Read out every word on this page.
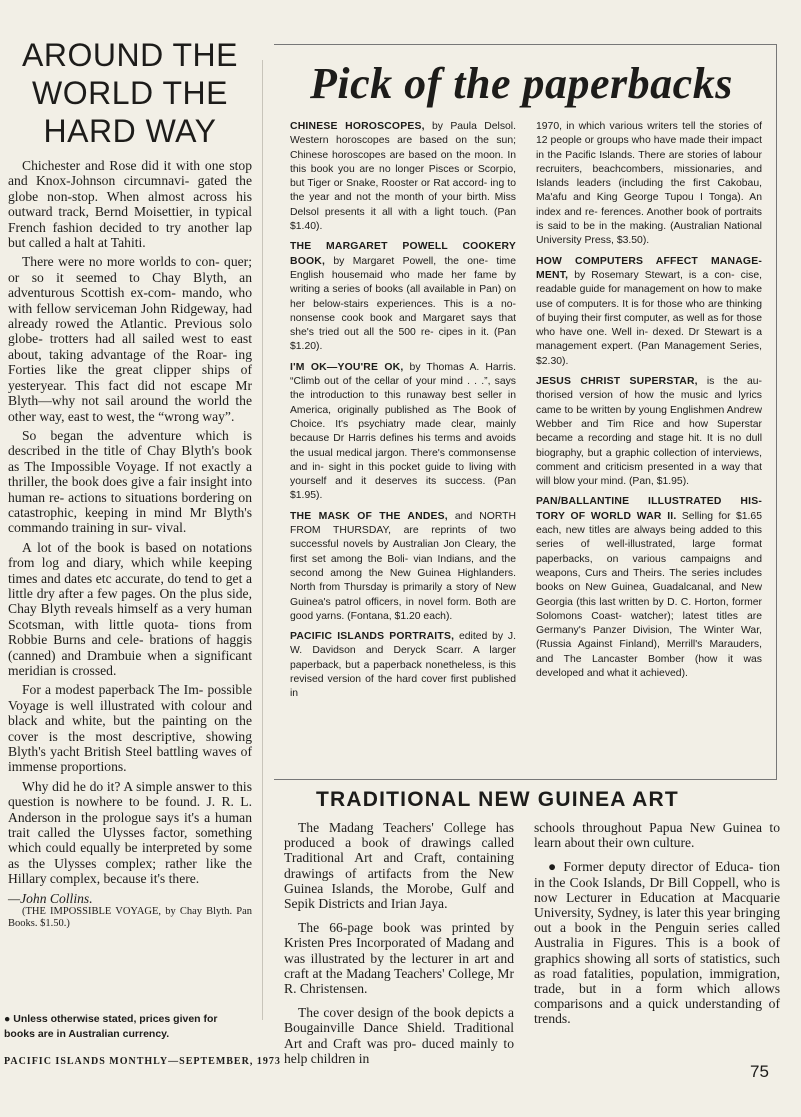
AROUND THE WORLD THE HARD WAY

Chichester and Rose did it with one stop and Knox-Johnson circumnavi- gated the globe non-stop. When almost across his outward track, Bernd Moisettier, in typical French fashion decided to try another lap but called a halt at Tahiti.

There were no more worlds to con- quer; or so it seemed to Chay Blyth, an adventurous Scottish ex-com- mando, who with fellow serviceman John Ridgeway, had already rowed the Atlantic. Previous solo globe- trotters had all sailed west to east about, taking advantage of the Roar- ing Forties like the great clipper ships of yesteryear. This fact did not escape Mr Blyth—why not sail around the world the other way, east to west, the “wrong way”.

So began the adventure which is described in the title of Chay Blyth's book as The Impossible Voyage. If not exactly a thriller, the book does give a fair insight into human re- actions to situations bordering on catastrophic, keeping in mind Mr Blyth's commando training in sur- vival.

A lot of the book is based on notations from log and diary, which while keeping times and dates etc accurate, do tend to get a little dry after a few pages. On the plus side, Chay Blyth reveals himself as a very human Scotsman, with little quota- tions from Robbie Burns and cele- brations of haggis (canned) and Drambuie when a significant meridian is crossed.

For a modest paperback The Im- possible Voyage is well illustrated with colour and black and white, but the painting on the cover is the most descriptive, showing Blyth's yacht British Steel battling waves of immense proportions.

Why did he do it? A simple answer to this question is nowhere to be found. J. R. L. Anderson in the prologue says it's a human trait called the Ulysses factor, something which could equally be interpreted by some as the Ulysses complex; rather like the Hillary complex, because it's there.

—John Collins.

(THE IMPOSSIBLE VOYAGE, by Chay Blyth. Pan Books. $1.50.)

● Unless otherwise stated, prices given for books are in Australian currency.
Pick of the paperbacks

CHINESE HOROSCOPES, by Paula Delsol. Western horoscopes are based on the sun; Chinese horoscopes are based on the moon. In this book you are no longer Pisces or Scorpio, but Tiger or Snake, Rooster or Rat accord- ing to the year and not the month of your birth. Miss Delsol presents it all with a light touch. (Pan $1.40).

THE MARGARET POWELL COOKERY BOOK, by Margaret Powell, the one- time English housemaid who made her fame by writing a series of books (all available in Pan) on her below-stairs experiences. This is a no- nonsense cook book and Margaret says that she's tried out all the 500 re- cipes in it. (Pan $1.20).

I'M OK—YOU'RE OK, by Thomas A. Harris. “Climb out of the cellar of your mind . . .”, says the introduction to this runaway best seller in America, originally published as The Book of Choice. It's psychiatry made clear, mainly because Dr Harris defines his terms and avoids the usual medical jargon. There's commonsense and in- sight in this pocket guide to living with yourself and it deserves its success. (Pan $1.95).

THE MASK OF THE ANDES, and NORTH FROM THURSDAY, are reprints of two successful novels by Australian Jon Cleary, the first set among the Boli- vian Indians, and the second among the New Guinea Highlanders. North from Thursday is primarily a story of New Guinea's patrol officers, in novel form. Both are good yarns. (Fontana, $1.20 each).

PACIFIC ISLANDS PORTRAITS, edited by J. W. Davidson and Deryck Scarr. A larger paperback, but a paperback nonetheless, is this revised version of the hard cover first published in

1970, in which various writers tell the stories of 12 people or groups who have made their impact in the Pacific Islands. There are stories of labour recruiters, beachcombers, missionaries, and Islands leaders (including the first Cakobau, Ma'afu and King George Tupou I Tonga). An index and re- ferences. Another book of portraits is said to be in the making. (Australian National University Press, $3.50).

HOW COMPUTERS AFFECT MANAGE- MENT, by Rosemary Stewart, is a con- cise, readable guide for management on how to make use of computers. It is for those who are thinking of buying their first computer, as well as for those who have one. Well in- dexed. Dr Stewart is a management expert. (Pan Management Series, $2.30).

JESUS CHRIST SUPERSTAR, is the au- thorised version of how the music and lyrics came to be written by young Englishmen Andrew Webber and Tim Rice and how Superstar became a recording and stage hit. It is no dull biography, but a graphic collection of interviews, comment and criticism presented in a way that will blow your mind. (Pan, $1.95).

PAN/BALLANTINE ILLUSTRATED HIS- TORY OF WORLD WAR II. Selling for $1.65 each, new titles are always being added to this series of well-illustrated, large format paperbacks, on various campaigns and weapons, Curs and Theirs. The series includes books on New Guinea, Guadalcanal, and New Georgia (this last written by D. C. Horton, former Solomons Coast- watcher); latest titles are Germany's Panzer Division, The Winter War, (Russia Against Finland), Merrill's Marauders, and The Lancaster Bomber (how it was developed and what it achieved).

TRADITIONAL NEW GUINEA ART

The Madang Teachers' College has produced a book of drawings called Traditional Art and Craft, containing drawings of artifacts from the New Guinea Islands, the Morobe, Gulf and Sepik Districts and Irian Jaya.

The 66-page book was printed by Kristen Pres Incorporated of Madang and was illustrated by the lecturer in art and craft at the Madang Teachers' College, Mr R. Christensen.

The cover design of the book depicts a Bougainville Dance Shield. Traditional Art and Craft was pro- duced mainly to help children in

schools throughout Papua New Guinea to learn about their own culture.

● Former deputy director of Educa- tion in the Cook Islands, Dr Bill Coppell, who is now Lecturer in Education at Macquarie University, Sydney, is later this year bringing out a book in the Penguin series called Australia in Figures. This is a book of graphics showing all sorts of statistics, such as road fatalities, population, immigration, trade, but in a form which allows comparisons and a quick understanding of trends.

PACIFIC ISLANDS MONTHLY—SEPTEMBER, 1973
75
